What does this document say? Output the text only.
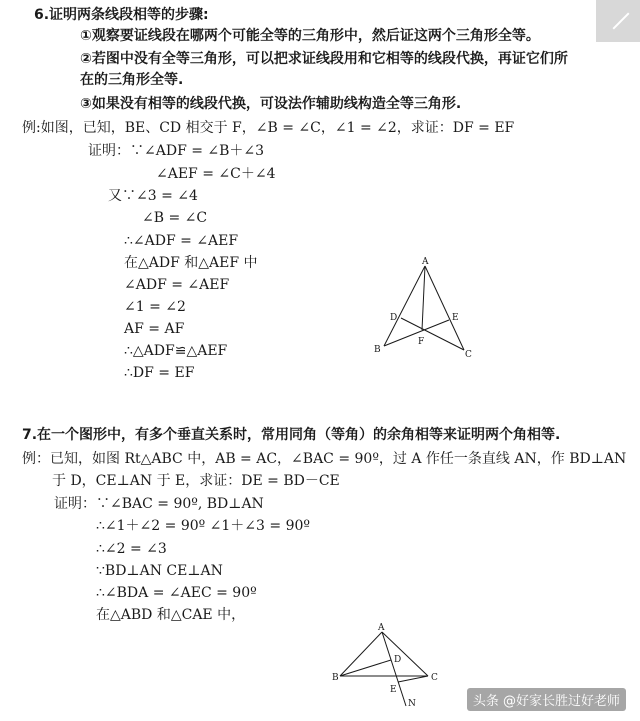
6.证明两条线段相等的步骤:
①观察要证线段在哪两个可能全等的三角形中，然后证这两个三角形全等。
②若图中没有全等三角形，可以把求证线段用和它相等的线段代换，再证它们所
在的三角形全等.
③如果没有相等的线段代换，可设法作辅助线构造全等三角形.
例:如图，已知，BE、CD 相交于 F，∠B = ∠C，∠1 = ∠2，求证：DF = EF
证明：∵∠ADF = ∠B＋∠3
∠AEF = ∠C＋∠4
又∵∠3 = ∠4
∠B = ∠C
∴∠ADF = ∠AEF
在△ADF 和△AEF 中
∠ADF = ∠AEF
∠1 = ∠2
AF = AF
∴△ADF≌△AEF
∴DF = EF
A
B	C
D	E
F
7.在一个图形中，有多个垂直关系时，常用同角（等角）的余角相等来证明两个角相等.
例：已知，如图 Rt△ABC 中，AB = AC，∠BAC = 90º，过 A 作任一条直线 AN，作 BD⊥AN
于 D，CE⊥AN 于 E，求证：DE = BD－CE
证明：∵∠BAC = 90º, BD⊥AN
∴∠1＋∠2 = 90º ∠1＋∠3 = 90º
∴∠2 = ∠3
∵BD⊥AN CE⊥AN
∴∠BDA = ∠AEC = 90º
在△ABD 和△CAE 中，
A
B	C
D
E
N	头条 @好家长胜过好老师
